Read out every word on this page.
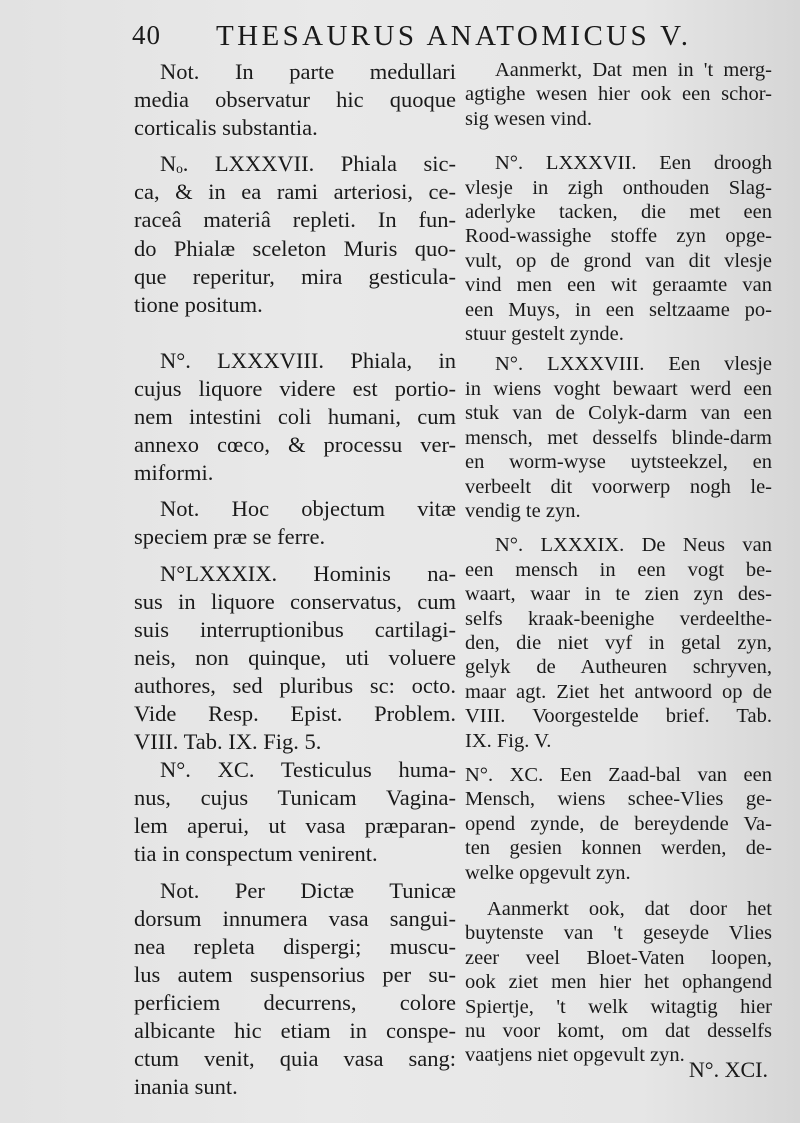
40 THESAURUS ANATOMICUS V.
Not. In parte medullari
media observatur hic quoque
corticalis substantia.
Nₒ. LXXXVII. Phiala sic-
ca, & in ea rami arteriosi, ce-
raceâ materiâ repleti. In fun-
do Phialæ sceleton Muris quo-
que reperitur, mira gesticula-
tione positum.
N°. LXXXVIII. Phiala, in
cujus liquore videre est portio-
nem intestini coli humani, cum
annexo cœco, & processu ver-
miformi.
Not. Hoc objectum vitæ
speciem præ se ferre.
N°LXXXIX. Hominis na-
sus in liquore conservatus, cum
suis interruptionibus cartilagi-
neis, non quinque, uti voluere
authores, sed pluribus sc: octo.
Vide Resp. Epist. Problem.
VIII. Tab. IX. Fig. 5.
N°. XC. Testiculus huma-
nus, cujus Tunicam Vagina-
lem aperui, ut vasa præparan-
tia in conspectum venirent.
Not. Per Dictæ Tunicæ
dorsum innumera vasa sangui-
nea repleta dispergi; muscu-
lus autem suspensorius per su-
perficiem decurrens, colore
albicante hic etiam in conspe-
ctum venit, quia vasa sang:
inania sunt.
Aanmerkt, Dat men in 't merg-
agtighe wesen hier ook een schor-
sig wesen vind.
N°. LXXXVII. Een droogh
vlesje in zigh onthouden Slag-
aderlyke tacken, die met een
Rood-wassighe stoffe zyn opge-
vult, op de grond van dit vlesje
vind men een wit geraamte van
een Muys, in een seltzaame po-
stuur gestelt zynde.
N°. LXXXVIII. Een vlesje
in wiens voght bewaart werd een
stuk van de Colyk-darm van een
mensch, met desselfs blinde-darm
en worm-wyse uytsteekzel, en
verbeelt dit voorwerp nogh le-
vendig te zyn.
N°. LXXXIX. De Neus van
een mensch in een vogt be-
waart, waar in te zien zyn des-
selfs kraak-beenighe verdeelthe-
den, die niet vyf in getal zyn,
gelyk de Autheuren schryven,
maar agt. Ziet het antwoord op de
VIII. Voorgestelde brief. Tab.
IX. Fig. V.
N°. XC. Een Zaad-bal van een
Mensch, wiens schee-Vlies ge-
opend zynde, de bereydende Va-
ten gesien konnen werden, de-
welke opgevult zyn.
Aanmerkt ook, dat door het
buytenste van 't geseyde Vlies
zeer veel Bloet-Vaten loopen,
ook ziet men hier het ophangend
Spiertje, 't welk witagtig hier
nu voor komt, om dat desselfs
vaatjens niet opgevult zyn.
N°. XCI.
